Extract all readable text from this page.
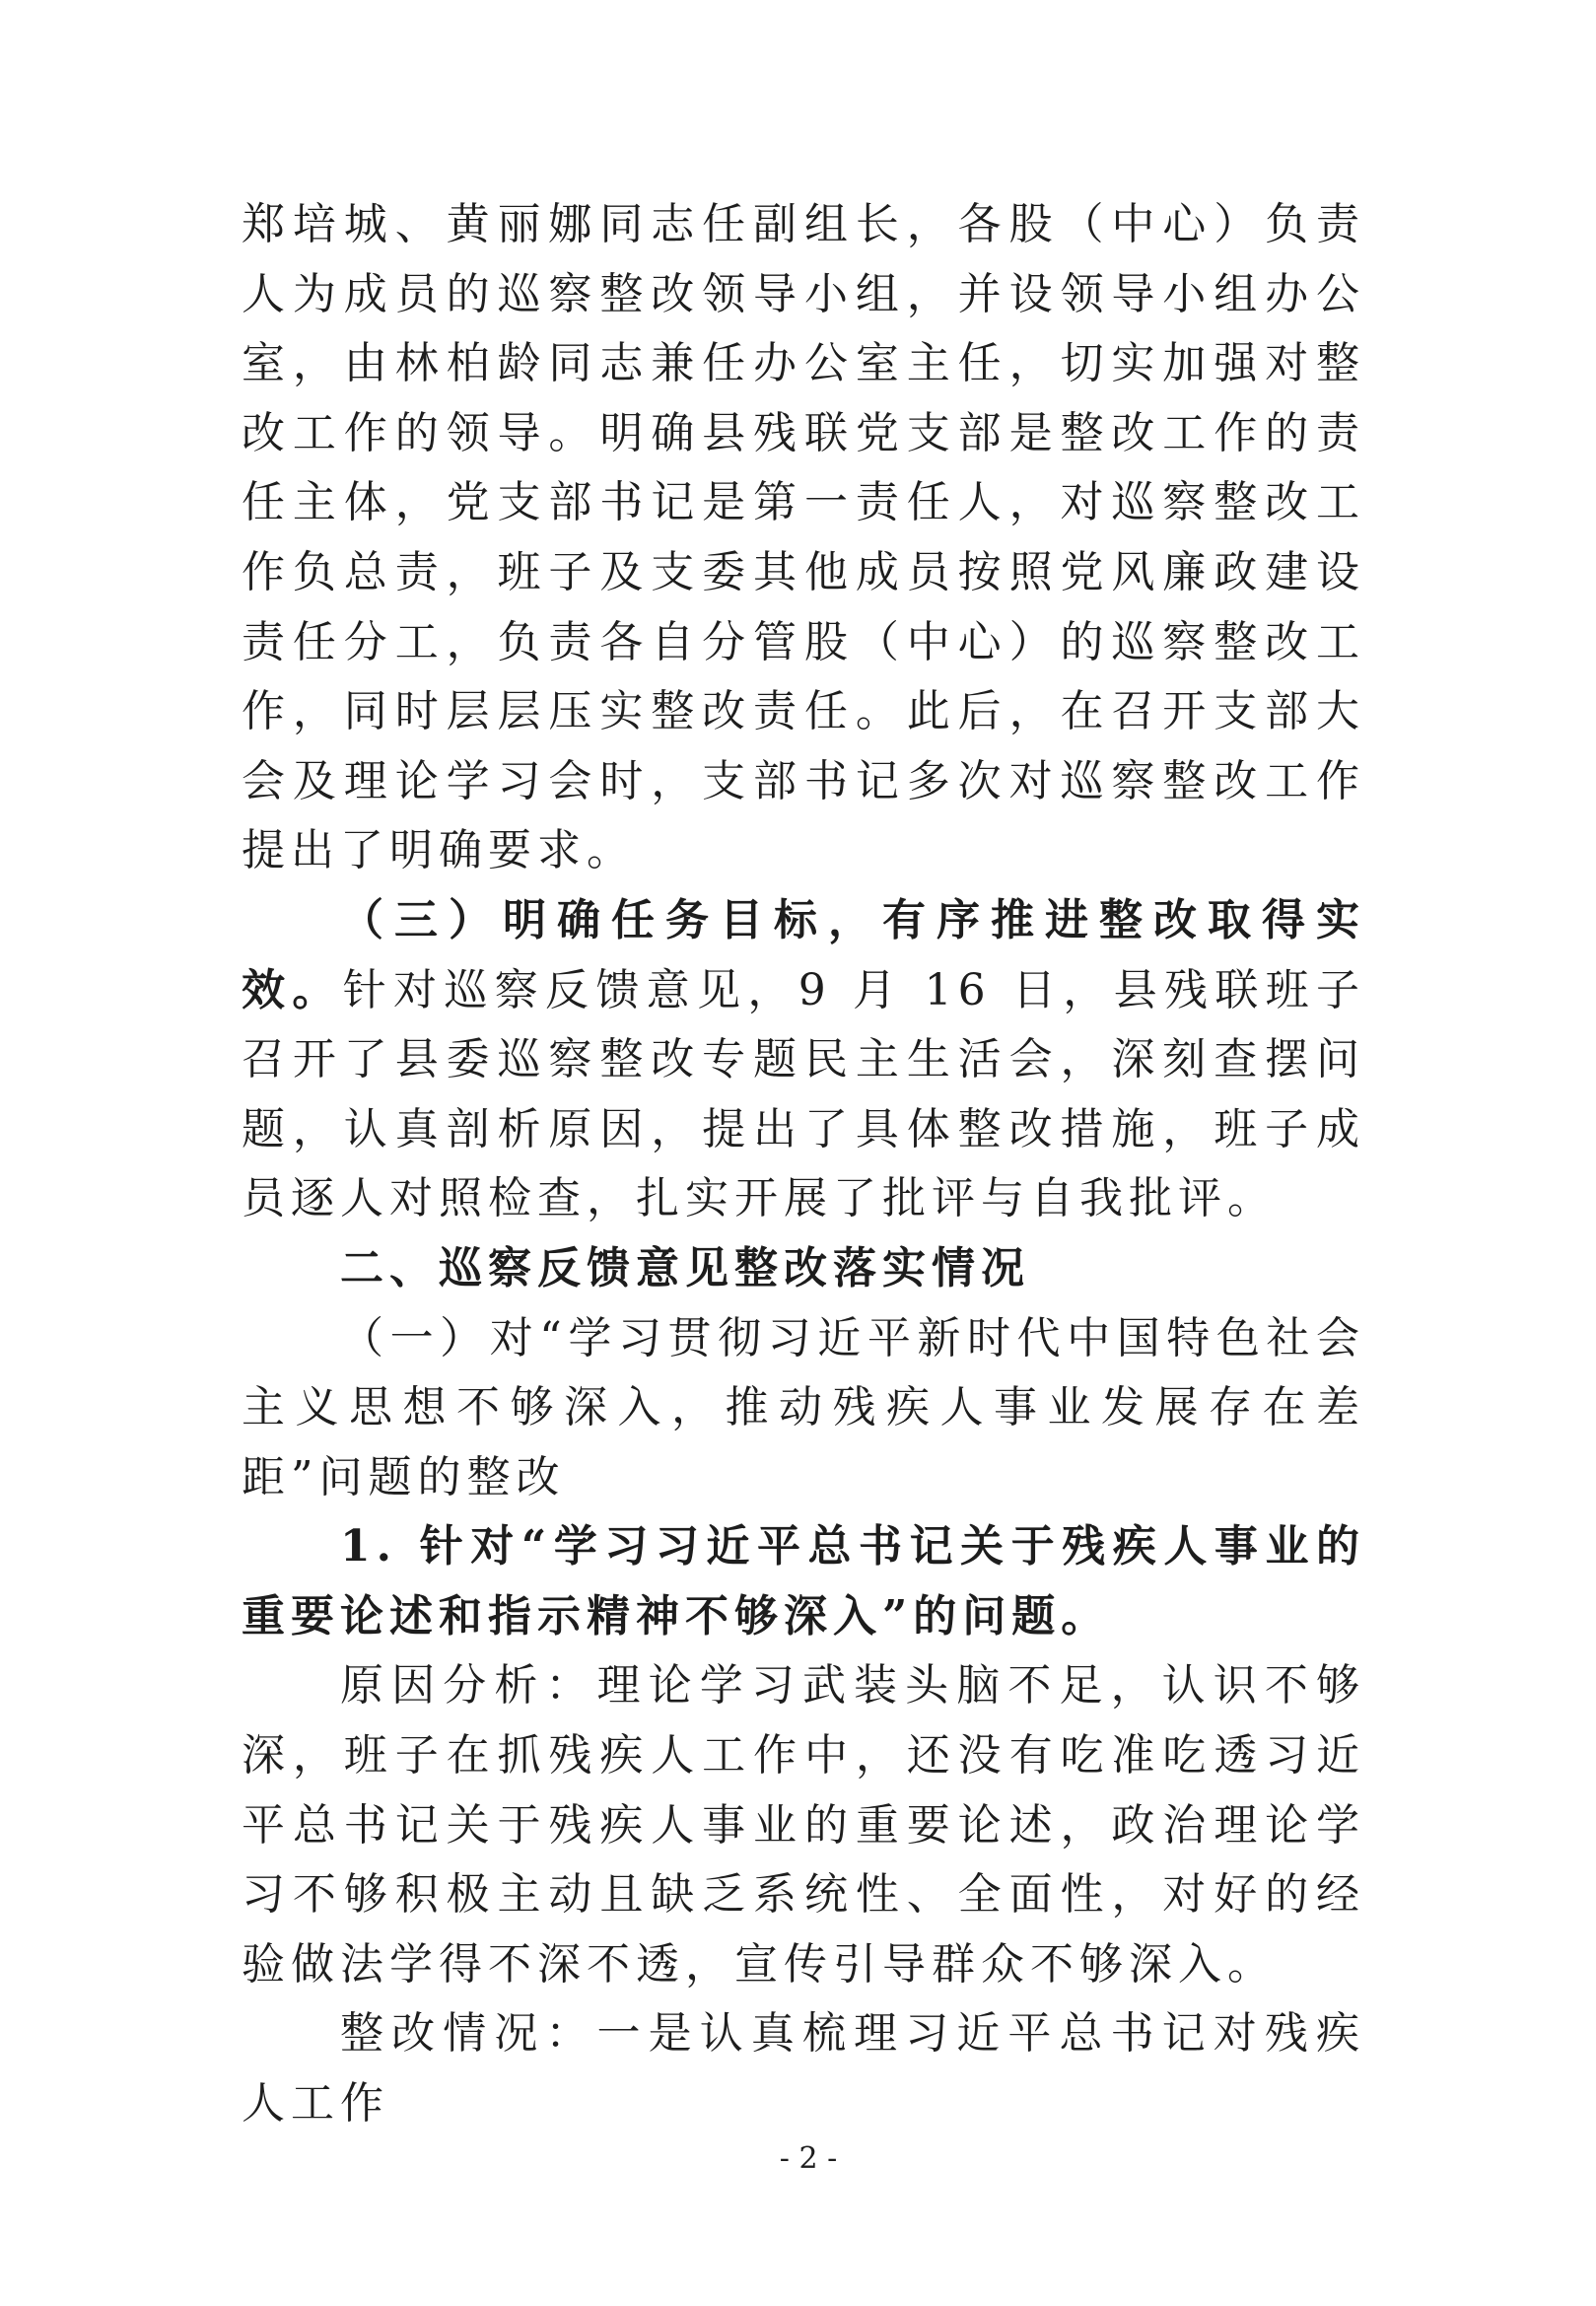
郑培城、黄丽娜同志任副组长，各股（中心）负责人为成员的巡察整改领导小组，并设领导小组办公室，由林柏龄同志兼任办公室主任，切实加强对整改工作的领导。明确县残联党支部是整改工作的责任主体，党支部书记是第一责任人，对巡察整改工作负总责，班子及支委其他成员按照党风廉政建设责任分工，负责各自分管股（中心）的巡察整改工作，同时层层压实整改责任。此后，在召开支部大会及理论学习会时，支部书记多次对巡察整改工作提出了明确要求。

（三）明确任务目标，有序推进整改取得实效。针对巡察反馈意见，9 月 16 日，县残联班子召开了县委巡察整改专题民主生活会，深刻查摆问题，认真剖析原因，提出了具体整改措施，班子成员逐人对照检查，扎实开展了批评与自我批评。

二、巡察反馈意见整改落实情况

（一）对“学习贯彻习近平新时代中国特色社会主义思想不够深入，推动残疾人事业发展存在差距”问题的整改

1. 针对“学习习近平总书记关于残疾人事业的重要论述和指示精神不够深入”的问题。

原因分析：理论学习武装头脑不足，认识不够深，班子在抓残疾人工作中，还没有吃准吃透习近平总书记关于残疾人事业的重要论述，政治理论学习不够积极主动且缺乏系统性、全面性，对好的经验做法学得不深不透，宣传引导群众不够深入。

整改情况：一是认真梳理习近平总书记对残疾人工作

- 2 -
